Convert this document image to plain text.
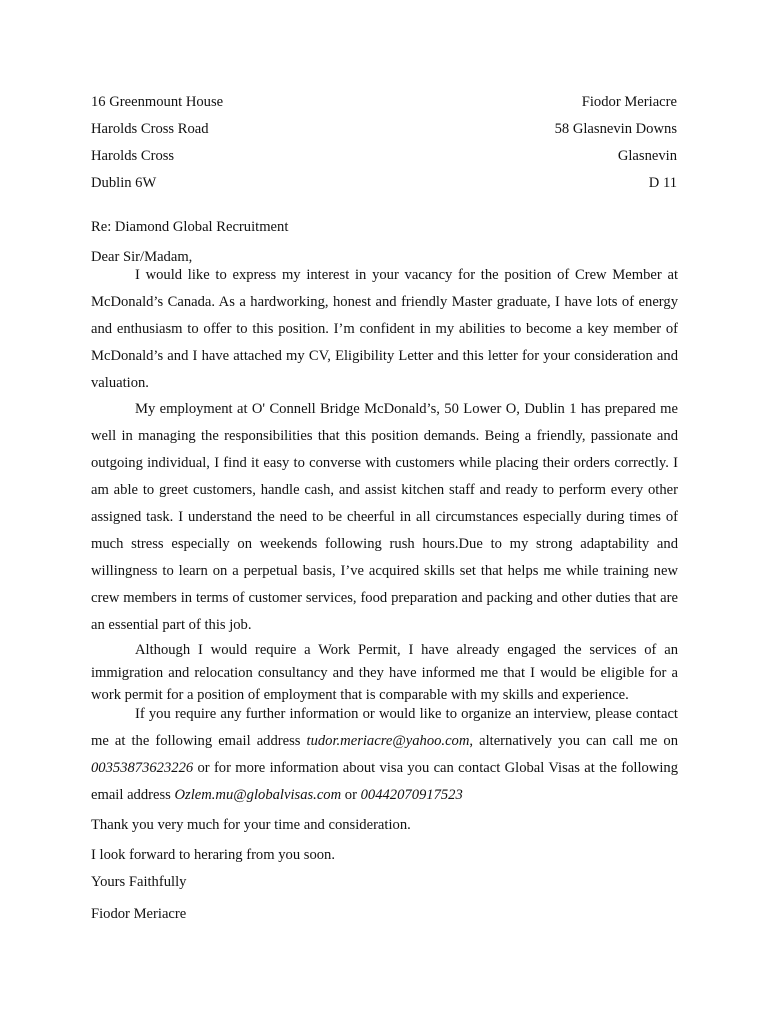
16 Greenmount House
Harolds Cross Road
Harolds Cross
Dublin 6W
Fiodor Meriacre
58 Glasnevin Downs
Glasnevin
D 11
Re: Diamond Global Recruitment
Dear Sir/Madam,
I would like to express my interest in your vacancy for the position of Crew Member at McDonald’s Canada. As a hardworking, honest and friendly Master graduate, I have lots of energy and enthusiasm to offer to this position. I’m confident in my abilities to become a key member of McDonald’s and I have attached my CV, Eligibility Letter and this letter for your consideration and valuation.
My employment at O' Connell Bridge McDonald’s, 50 Lower O, Dublin 1 has prepared me well in managing the responsibilities that this position demands. Being a friendly, passionate and outgoing individual, I find it easy to converse with customers while placing their orders correctly. I am able to greet customers, handle cash, and assist kitchen staff and ready to perform every other assigned task. I understand the need to be cheerful in all circumstances especially during times of much stress especially on weekends following rush hours.Due to my strong adaptability and willingness to learn on a perpetual basis, I’ve acquired skills set that helps me while training new crew members in terms of customer services, food preparation and packing and other duties that are an essential part of this job.
Although I would require a Work Permit, I have already engaged the services of an immigration and relocation consultancy and they have informed me that I would be eligible for a work permit for a position of employment that is comparable with my skills and experience.
If you require any further information or would like to organize an interview, please contact me at the following email address tudor.meriacre@yahoo.com, alternatively you can call me on 00353873623226 or for more information about visa you can contact Global Visas at the following email address Ozlem.mu@globalvisas.com or 00442070917523
Thank you very much for your time and consideration.
I look forward to heraring from you soon.
Yours Faithfully
Fiodor Meriacre
